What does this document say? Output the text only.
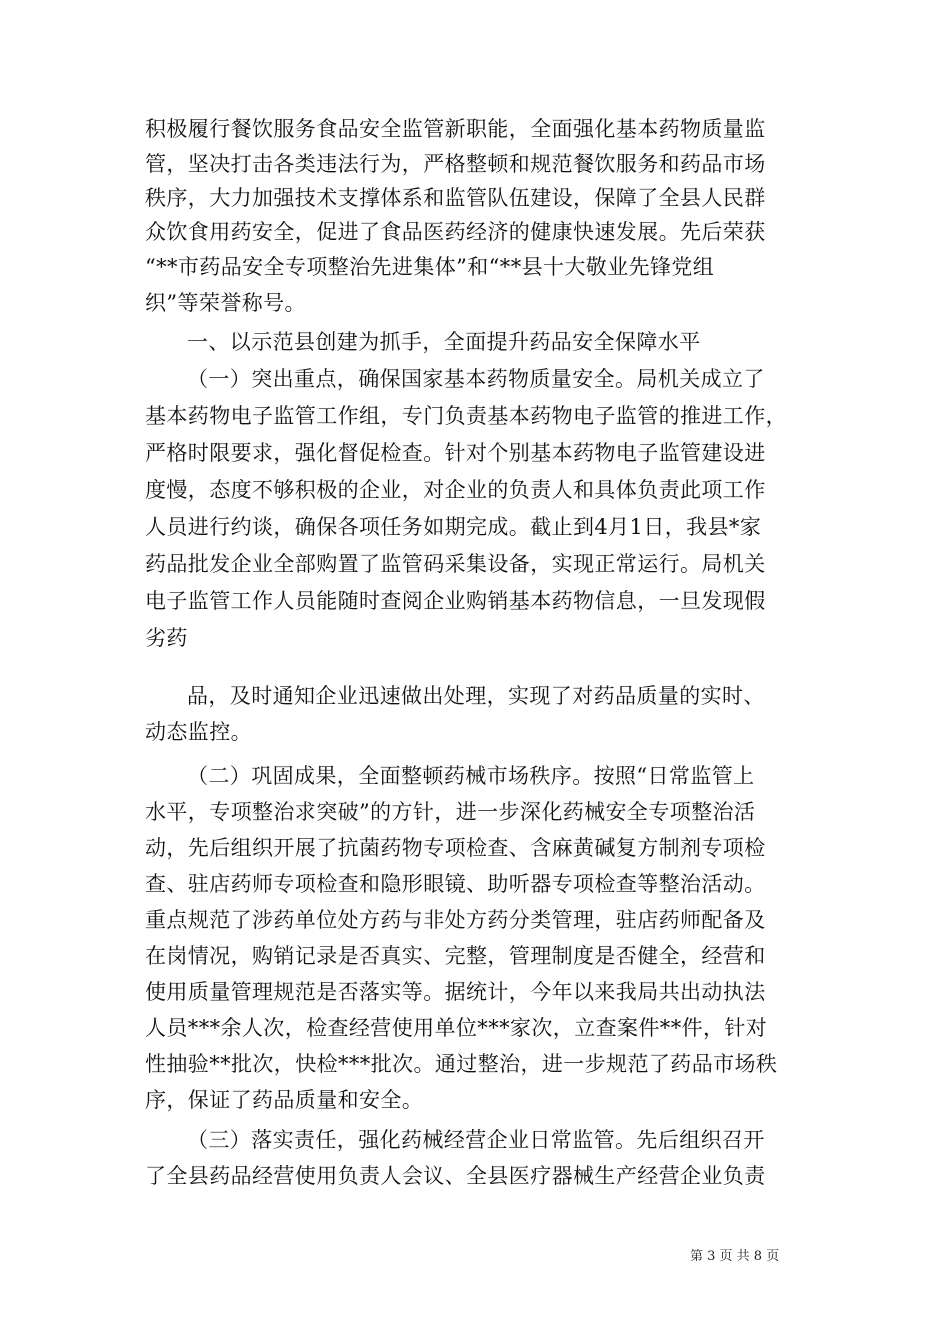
积极履行餐饮服务食品安全监管新职能，全面强化基本药物质量监

管，坚决打击各类违法行为，严格整顿和规范餐饮服务和药品市场

秩序，大力加强技术支撑体系和监管队伍建设，保障了全县人民群

众饮食用药安全，促进了食品医药经济的健康快速发展。先后荣获

“**市药品安全专项整治先进集体”和“**县十大敬业先锋党组

织”等荣誉称号。

一、以示范县创建为抓手，全面提升药品安全保障水平

（一）突出重点，确保国家基本药物质量安全。局机关成立了

基本药物电子监管工作组，专门负责基本药物电子监管的推进工作，

严格时限要求，强化督促检查。针对个别基本药物电子监管建设进

度慢，态度不够积极的企业，对企业的负责人和具体负责此项工作

人员进行约谈，确保各项任务如期完成。截止到4月1日，我县*家

药品批发企业全部购置了监管码采集设备，实现正常运行。局机关

电子监管工作人员能随时查阅企业购销基本药物信息，一旦发现假

劣药

品，及时通知企业迅速做出处理，实现了对药品质量的实时、

动态监控。

（二）巩固成果，全面整顿药械市场秩序。按照“日常监管上

水平，专项整治求突破”的方针，进一步深化药械安全专项整治活

动，先后组织开展了抗菌药物专项检查、含麻黄碱复方制剂专项检

查、驻店药师专项检查和隐形眼镜、助听器专项检查等整治活动。

重点规范了涉药单位处方药与非处方药分类管理，驻店药师配备及

在岗情况，购销记录是否真实、完整，管理制度是否健全，经营和

使用质量管理规范是否落实等。据统计，今年以来我局共出动执法

人员***余人次，检查经营使用单位***家次，立查案件**件，针对

性抽验**批次，快检***批次。通过整治，进一步规范了药品市场秩

序，保证了药品质量和安全。

（三）落实责任，强化药械经营企业日常监管。先后组织召开

了全县药品经营使用负责人会议、全县医疗器械生产经营企业负责

第 3 页 共 8 页
